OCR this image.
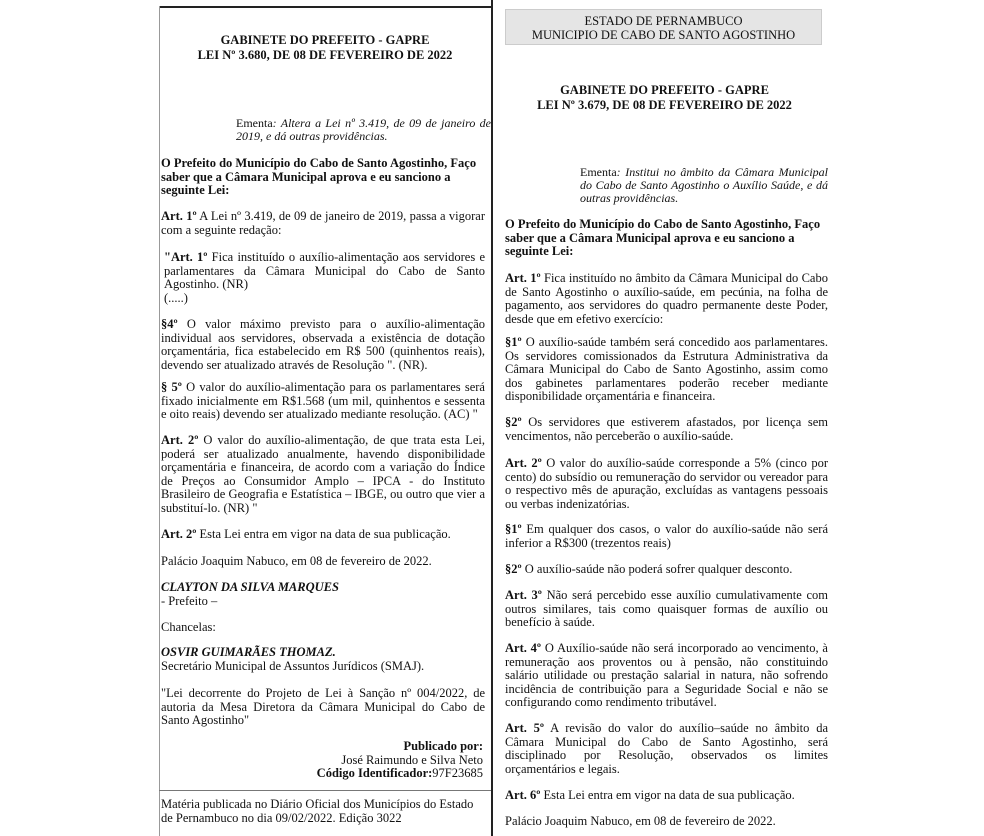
GABINETE DO PREFEITO - GAPRE
LEI Nº 3.680, DE 08 DE FEVEREIRO DE 2022
Ementa: Altera a Lei nº 3.419, de 09 de janeiro de 2019, e dá outras providências.
O Prefeito do Município do Cabo de Santo Agostinho, Faço saber que a Câmara Municipal aprova e eu sanciono a seguinte Lei:
Art. 1º A Lei nº 3.419, de 09 de janeiro de 2019, passa a vigorar com a seguinte redação:
"Art. 1º Fica instituído o auxílio-alimentação aos servidores e parlamentares da Câmara Municipal do Cabo de Santo Agostinho. (NR)
(.....)
§4º O valor máximo previsto para o auxílio-alimentação individual aos servidores, observada a existência de dotação orçamentária, fica estabelecido em R$ 500 (quinhentos reais), devendo ser atualizado através de Resolução ". (NR).
§ 5º O valor do auxílio-alimentação para os parlamentares será fixado inicialmente em R$1.568 (um mil, quinhentos e sessenta e oito reais) devendo ser atualizado mediante resolução. (AC) "
Art. 2º O valor do auxílio-alimentação, de que trata esta Lei, poderá ser atualizado anualmente, havendo disponibilidade orçamentária e financeira, de acordo com a variação do Índice de Preços ao Consumidor Amplo – IPCA - do Instituto Brasileiro de Geografia e Estatística – IBGE, ou outro que vier a substituí-lo. (NR) "
Art. 2º Esta Lei entra em vigor na data de sua publicação.
Palácio Joaquim Nabuco, em 08 de fevereiro de 2022.
CLAYTON DA SILVA MARQUES
- Prefeito –
Chancelas:
OSVIR GUIMARÃES THOMAZ.
Secretário Municipal de Assuntos Jurídicos (SMAJ).
"Lei decorrente do Projeto de Lei à Sanção nº 004/2022, de autoria da Mesa Diretora da Câmara Municipal do Cabo de Santo Agostinho"
Publicado por:
José Raimundo e Silva Neto
Código Identificador:97F23685
Matéria publicada no Diário Oficial dos Municípios do Estado de Pernambuco no dia 09/02/2022. Edição 3022
ESTADO DE PERNAMBUCO
MUNICIPIO DE CABO DE SANTO AGOSTINHO
GABINETE DO PREFEITO - GAPRE
LEI Nº 3.679, DE 08 DE FEVEREIRO DE 2022
Ementa: Institui no âmbito da Câmara Municipal do Cabo de Santo Agostinho o Auxílio Saúde, e dá outras providências.
O Prefeito do Município do Cabo de Santo Agostinho, Faço saber que a Câmara Municipal aprova e eu sanciono a seguinte Lei:
Art. 1º Fica instituído no âmbito da Câmara Municipal do Cabo de Santo Agostinho o auxílio-saúde, em pecúnia, na folha de pagamento, aos servidores do quadro permanente deste Poder, desde que em efetivo exercício:
§1º O auxílio-saúde também será concedido aos parlamentares. Os servidores comissionados da Estrutura Administrativa da Câmara Municipal do Cabo de Santo Agostinho, assim como dos gabinetes parlamentares poderão receber mediante disponibilidade orçamentária e financeira.
§2º Os servidores que estiverem afastados, por licença sem vencimentos, não perceberão o auxílio-saúde.
Art. 2º O valor do auxílio-saúde corresponde a 5% (cinco por cento) do subsídio ou remuneração do servidor ou vereador para o respectivo mês de apuração, excluídas as vantagens pessoais ou verbas indenizatórias.
§1º Em qualquer dos casos, o valor do auxílio-saúde não será inferior a R$300 (trezentos reais)
§2º O auxílio-saúde não poderá sofrer qualquer desconto.
Art. 3º Não será percebido esse auxílio cumulativamente com outros similares, tais como quaisquer formas de auxílio ou benefício à saúde.
Art. 4º O Auxílio-saúde não será incorporado ao vencimento, à remuneração aos proventos ou à pensão, não constituindo salário utilidade ou prestação salarial in natura, não sofrendo incidência de contribuição para a Seguridade Social e não se configurando como rendimento tributável.
Art. 5º A revisão do valor do auxílio–saúde no âmbito da Câmara Municipal do Cabo de Santo Agostinho, será disciplinado por Resolução, observados os limites orçamentários e legais.
Art. 6º Esta Lei entra em vigor na data de sua publicação.
Palácio Joaquim Nabuco, em 08 de fevereiro de 2022.
